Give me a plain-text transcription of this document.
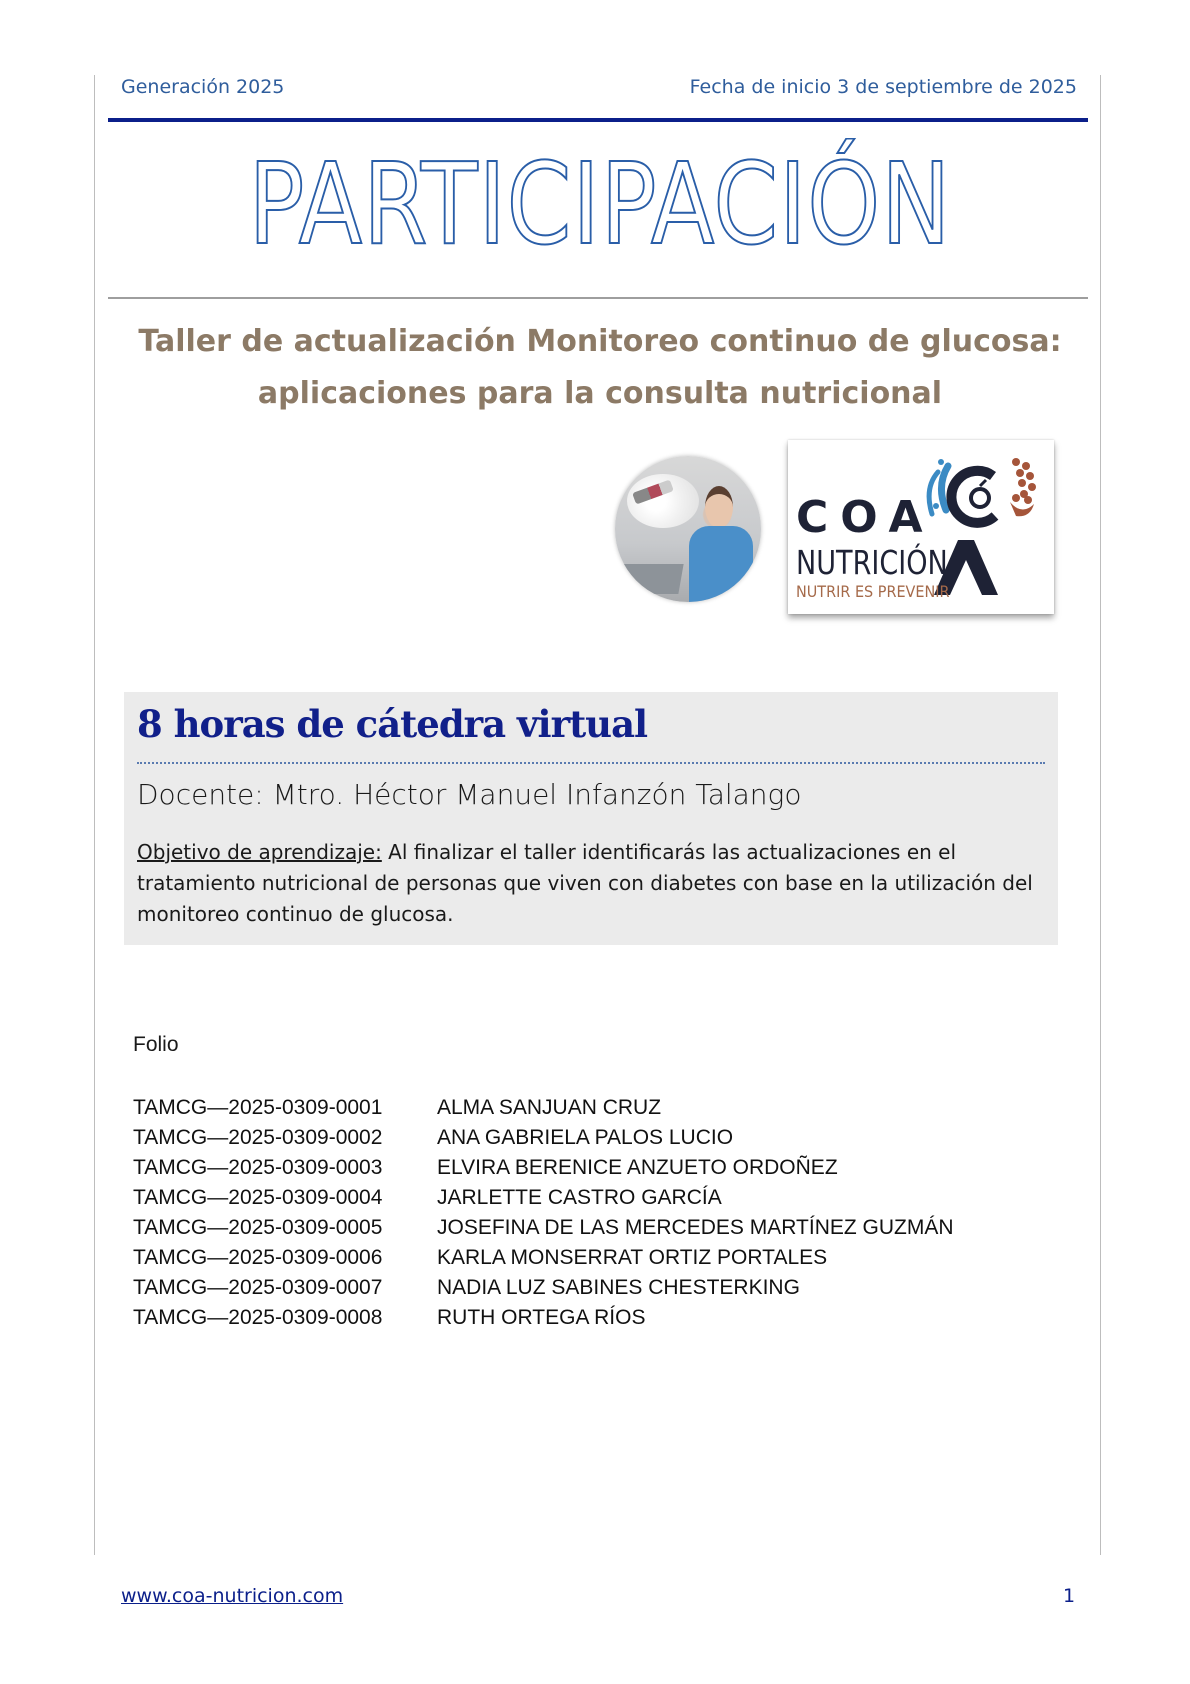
Generación 2025	Fecha de inicio 3 de septiembre de 2025
PARTICIPACIÓN
Taller de actualización Monitoreo continuo de glucosa:
aplicaciones para la consulta nutricional
COA
NUTRICIÓN
NUTRIR ES PREVENIR
8 horas de cátedra virtual
Docente: Mtro. Héctor Manuel Infanzón Talango
Objetivo de aprendizaje: Al finalizar el taller identificarás las actualizaciones en el tratamiento nutricional de personas que viven con diabetes con base en la utilización del monitoreo continuo de glucosa.
Folio
TAMCG—2025-0309-0001	ALMA SANJUAN CRUZ
TAMCG—2025-0309-0002	ANA GABRIELA PALOS LUCIO
TAMCG—2025-0309-0003	ELVIRA BERENICE ANZUETO ORDOÑEZ
TAMCG—2025-0309-0004	JARLETTE CASTRO GARCÍA
TAMCG—2025-0309-0005	JOSEFINA DE LAS MERCEDES MARTÍNEZ GUZMÁN
TAMCG—2025-0309-0006	KARLA MONSERRAT ORTIZ PORTALES
TAMCG—2025-0309-0007	NADIA LUZ SABINES CHESTERKING
TAMCG—2025-0309-0008	RUTH ORTEGA RÍOS
www.coa-nutricion.com	1
